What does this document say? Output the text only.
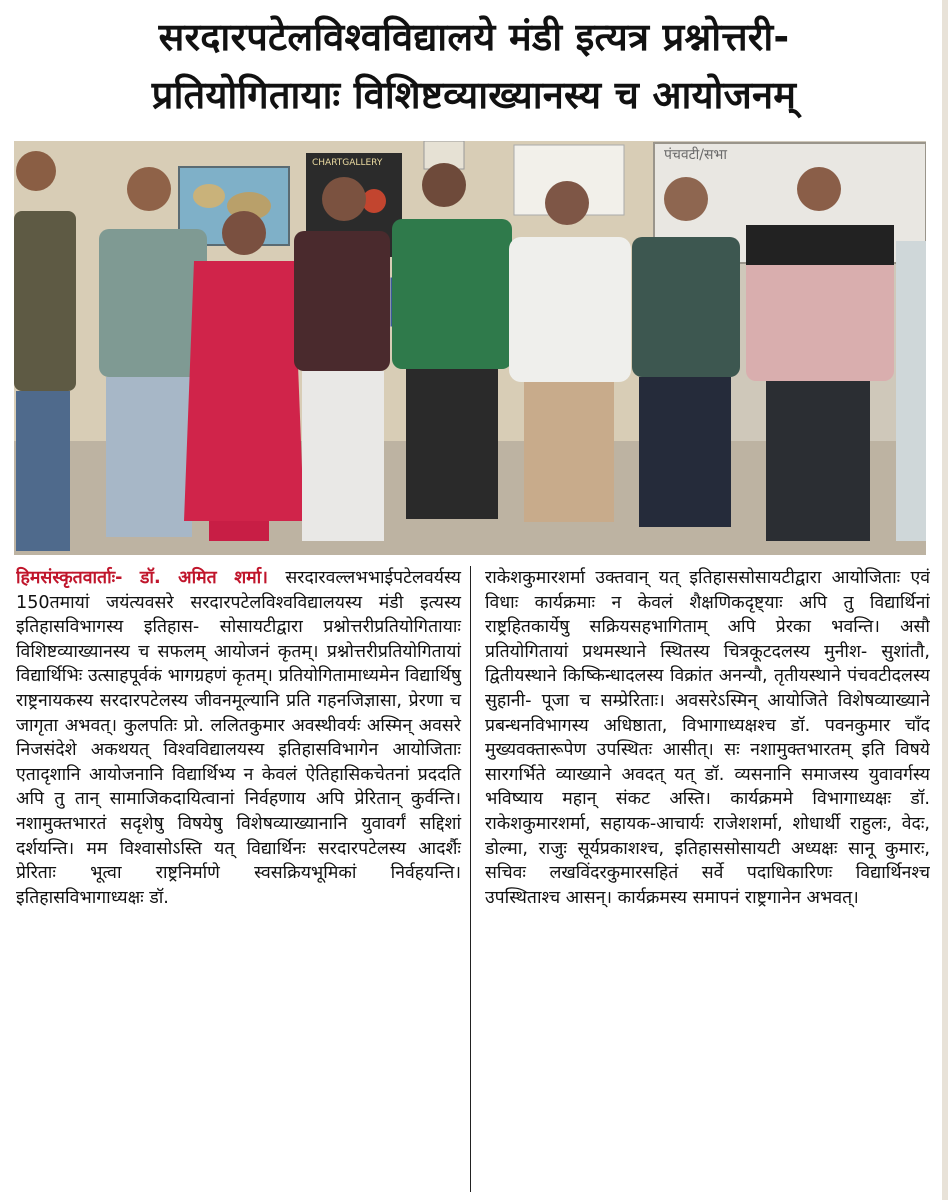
सरदारपटेलविश्वविद्यालये मंडी इत्यत्र प्रश्नोत्तरी-
प्रतियोगितायाः विशिष्टव्याख्यानस्य च आयोजनम्
पंचवटी/सभा
CHARTGALLERY
हिमसंस्कृतवार्ताः- डॉ. अमित शर्मा। सरदारवल्लभभाईपटेलवर्यस्य 150तमायां जयंत्यवसरे सरदारपटेलविश्वविद्यालयस्य मंडी इत्यस्य इतिहासविभागस्य इतिहास- सोसायटीद्वारा प्रश्नोत्तरीप्रतियोगितायाः विशिष्टव्याख्यानस्य च सफलम् आयोजनं कृतम्। प्रश्नोत्तरीप्रतियोगितायां विद्यार्थिभिः उत्साहपूर्वकं भागग्रहणं कृतम्। प्रतियोगितामाध्यमेन विद्यार्थिषु राष्ट्रनायकस्य सरदारपटेलस्य जीवनमूल्यानि प्रति गहनजिज्ञासा, प्रेरणा च जागृता अभवत्। कुलपतिः प्रो. ललितकुमार अवस्थीवर्यः अस्मिन् अवसरे निजसंदेशे अकथयत् विश्वविद्यालयस्य इतिहासविभागेन आयोजिताः एतादृशानि आयोजनानि विद्यार्थिभ्य न केवलं ऐतिहासिकचेतनां प्रददति अपि तु तान् सामाजिकदायित्वानां निर्वहणाय अपि प्रेरितान् कुर्वन्ति। नशामुक्तभारतं सदृशेषु विषयेषु विशेषव्याख्यानानि युवावर्गं सद्दिशां दर्शयन्ति। मम विश्वासोऽस्ति यत् विद्यार्थिनः सरदारपटेलस्य आदर्शैः प्रेरिताः भूत्वा राष्ट्रनिर्माणे स्वसक्रियभूमिकां निर्वहयन्ति। इतिहासविभागाध्यक्षः डॉ.
राकेशकुमारशर्मा उक्तवान् यत् इतिहाससोसायटीद्वारा आयोजिताः एवं विधाः कार्यक्रमाः न केवलं शैक्षणिकदृष्ट्याः अपि तु विद्यार्थिनां राष्ट्रहितकार्येषु सक्रियसहभागिताम् अपि प्रेरका भवन्ति। असौ प्रतियोगितायां प्रथमस्थाने स्थितस्य चित्रकूटदलस्य मुनीश- सुशांतौ, द्वितीयस्थाने किष्किन्धादलस्य विक्रांत अनन्यौ, तृतीयस्थाने पंचवटीदलस्य सुहानी- पूजा च सम्प्रेरिताः। अवसरेऽस्मिन् आयोजिते विशेषव्याख्याने प्रबन्धनविभागस्य अधिष्ठाता, विभागाध्यक्षश्च डॉ. पवनकुमार चाँद मुख्यवक्तारूपेण उपस्थितः आसीत्। सः नशामुक्तभारतम् इति विषये सारगर्भिते व्याख्याने अवदत् यत् डॉ. व्यसनानि समाजस्य युवावर्गस्य भविष्याय महान् संकट अस्ति। कार्यक्रममे विभागाध्यक्षः डॉ. राकेशकुमारशर्मा, सहायक-आचार्यः राजेशशर्मा, शोधार्थी राहुलः, वेदः, डोल्मा, राजुः सूर्यप्रकाशश्च, इतिहाससोसायटी अध्यक्षः सानू कुमारः, सचिवः लखविंदरकुमारसहितं सर्वे पदाधिकारिणः विद्यार्थिनश्च उपस्थिताश्च आसन्। कार्यक्रमस्य समापनं राष्ट्रगानेन अभवत्।
